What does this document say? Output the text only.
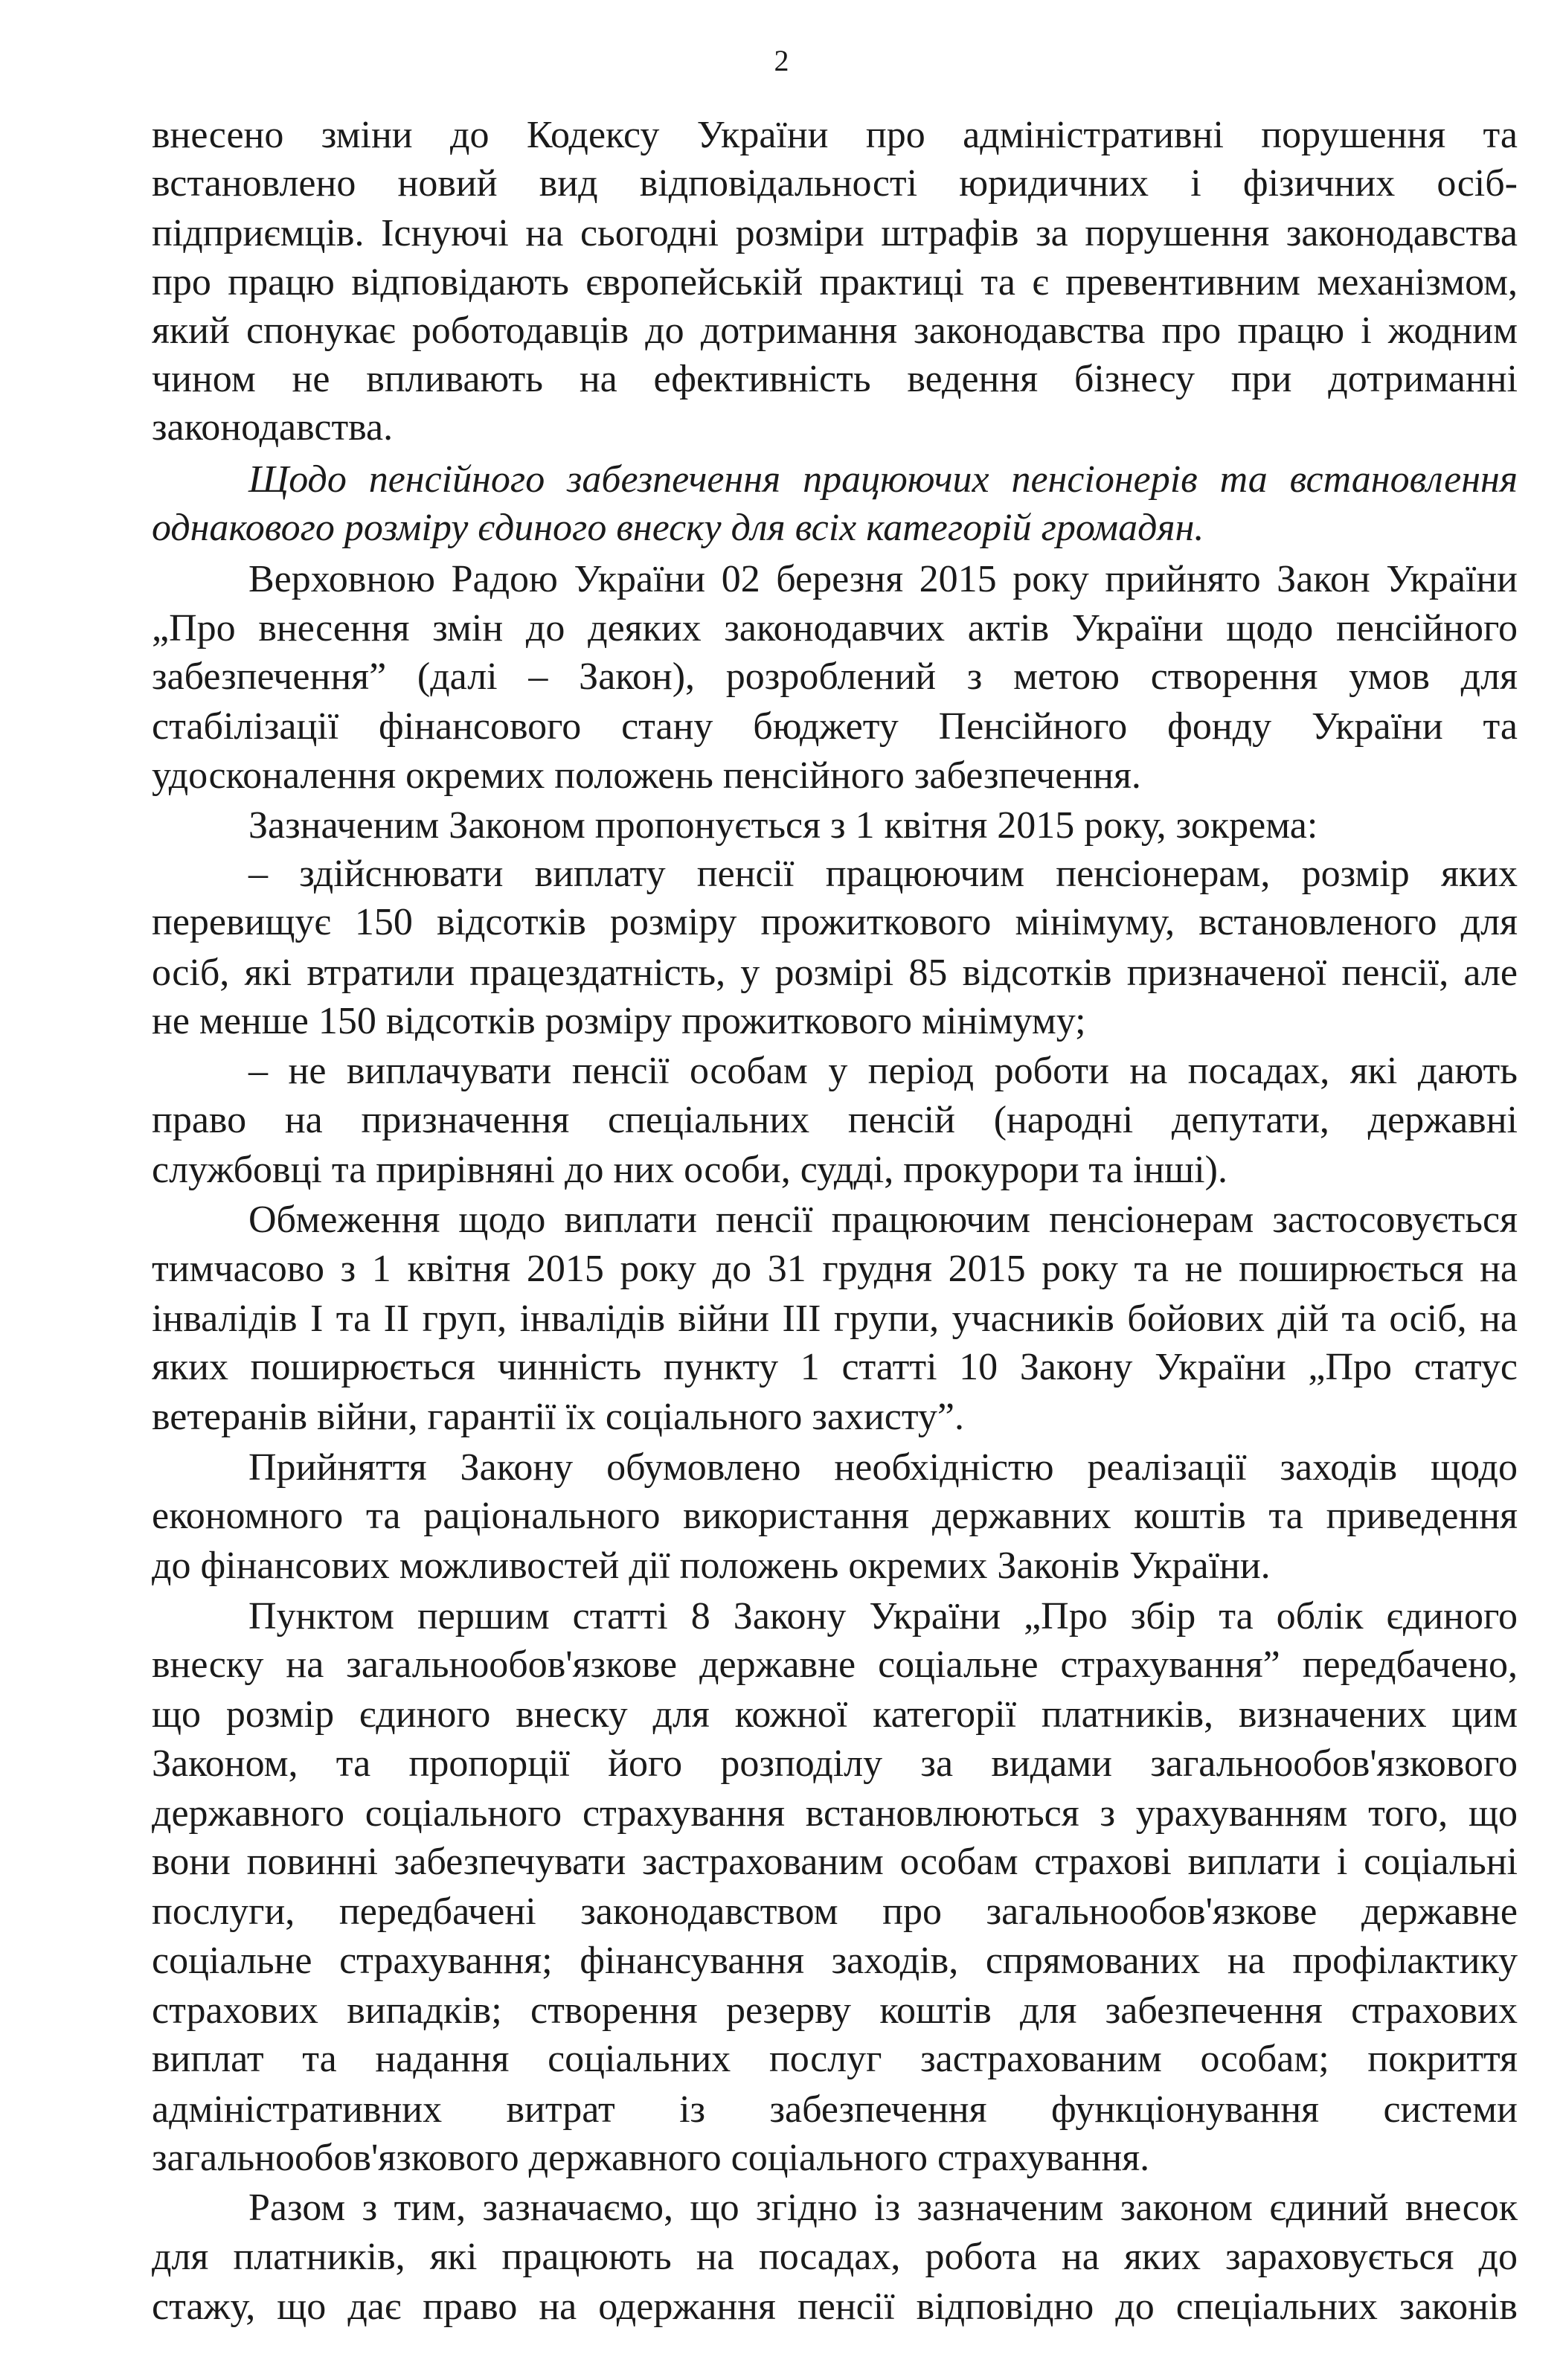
2
внесено зміни до Кодексу України про адміністративні порушення та
встановлено новий вид відповідальності юридичних і фізичних осіб-
підприємців. Існуючі на сьогодні розміри штрафів за порушення законодавства
про працю відповідають європейській практиці та є превентивним механізмом,
який спонукає роботодавців до дотримання законодавства про працю і жодним
чином не впливають на ефективність ведення бізнесу при дотриманні
законодавства.
Щодо пенсійного забезпечення працюючих пенсіонерів та встановлення
однакового розміру єдиного внеску для всіх категорій громадян.
Верховною Радою України 02 березня 2015 року прийнято Закон України
„Про внесення змін до деяких законодавчих актів України щодо пенсійного
забезпечення” (далі – Закон), розроблений з метою створення умов для
стабілізації фінансового стану бюджету Пенсійного фонду України та
удосконалення окремих положень пенсійного забезпечення.
Зазначеним Законом пропонується з 1 квітня 2015 року, зокрема:
– здійснювати виплату пенсії працюючим пенсіонерам, розмір яких
перевищує 150 відсотків розміру прожиткового мінімуму, встановленого для
осіб, які втратили працездатність, у розмірі 85 відсотків призначеної пенсії, але
не менше 150 відсотків розміру прожиткового мінімуму;
– не виплачувати пенсії особам у період роботи на посадах, які дають
право на призначення спеціальних пенсій (народні депутати, державні
службовці та прирівняні до них особи, судді, прокурори та інші).
Обмеження щодо виплати пенсії працюючим пенсіонерам застосовується
тимчасово з 1 квітня 2015 року до 31 грудня 2015 року та не поширюється на
інвалідів I та II груп, інвалідів війни III групи, учасників бойових дій та осіб, на
яких поширюється чинність пункту 1 статті 10 Закону України „Про статус
ветеранів війни, гарантії їх соціального захисту”.
Прийняття Закону обумовлено необхідністю реалізації заходів щодо
економного та раціонального використання державних коштів та приведення
до фінансових можливостей дії положень окремих Законів України.
Пунктом першим статті 8 Закону України „Про збір та облік єдиного
внеску на загальнообов'язкове державне соціальне страхування” передбачено,
що розмір єдиного внеску для кожної категорії платників, визначених цим
Законом, та пропорції його розподілу за видами загальнообов'язкового
державного соціального страхування встановлюються з урахуванням того, що
вони повинні забезпечувати застрахованим особам страхові виплати і соціальні
послуги, передбачені законодавством про загальнообов'язкове державне
соціальне страхування; фінансування заходів, спрямованих на профілактику
страхових випадків; створення резерву коштів для забезпечення страхових
виплат та надання соціальних послуг застрахованим особам; покриття
адміністративних витрат із забезпечення функціонування системи
загальнообов'язкового державного соціального страхування.
Разом з тим, зазначаємо, що згідно із зазначеним законом єдиний внесок
для платників, які працюють на посадах, робота на яких зараховується до
стажу, що дає право на одержання пенсії відповідно до спеціальних законів
